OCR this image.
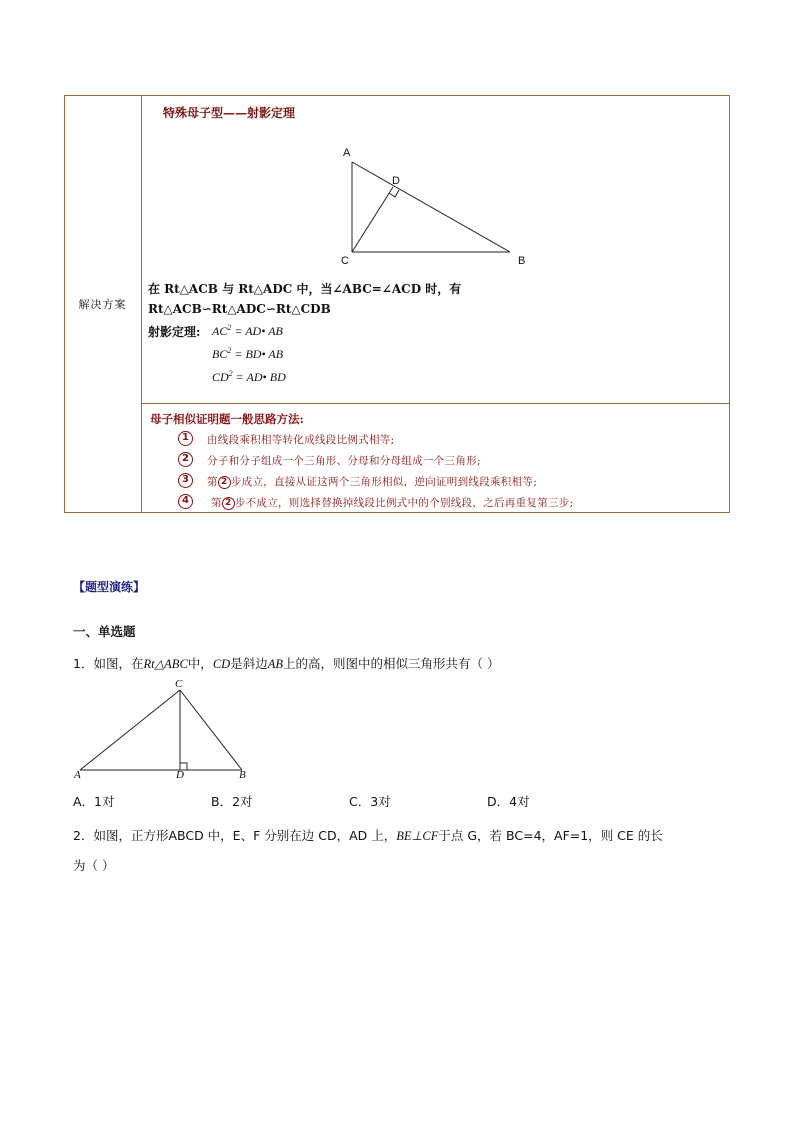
解决方案
特殊母子型——射影定理
A
D
C	B
在 Rt△ACB 与 Rt△ADC 中，当∠ABC=∠ACD 时，有
Rt△ACB∽Rt△ADC∽Rt△CDB
射影定理: $AC^2$ = AD• AB
$BC^2$ = BD• AB
$CD^2$ = AD• BD
母子相似证明题一般思路方法:
1	由线段乘积相等转化成线段比例式相等;
2	分子和分子组成一个三角形、分母和分母组成一个三角形;
3	第 2 步成立，直接从证这两个三角形相似，逆向证明到线段乘积相等;
4	第 2 步不成立，则选择替换掉线段比例式中的个别线段，之后再重复第三步;
【题型演练】
一、单选题
1．如图，在Rt△ABC中，CD是斜边AB上的高，则图中的相似三角形共有（ ）
C
A	D	B
A．1对	B．2对	C．3对	D．4对
2．如图，正方形ABCD 中，E、F 分别在边 CD，AD 上，BE⊥CF于点 G，若 BC=4，AF=1，则 CE 的长
为（ ）
